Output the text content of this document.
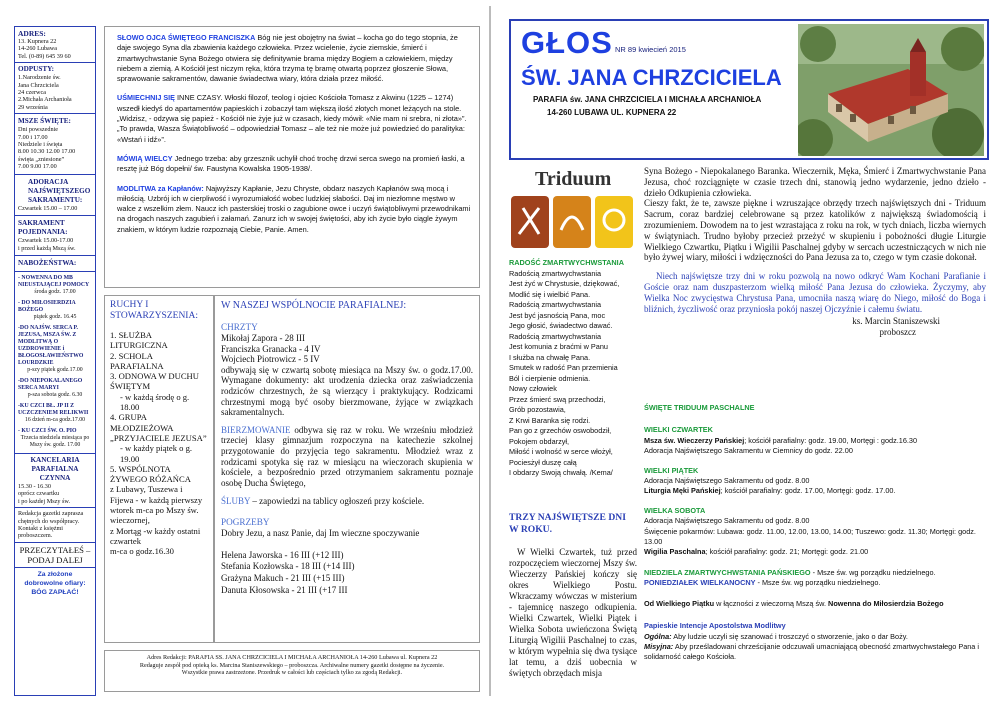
ADRES:
13. Kupnera 22
14-260 Lubawa
Tel. (0-89) 645 39 60
ODPUSTY:
1.Narodzenie św.
Jana Chrzciciela
24 czerwca
2.Michała Archanioła
29 września
MSZE ŚWIĘTE:
Dni powszednie
7.00 i 17.00
Niedziele i święta
8.00 10.30 12.00 17.00
święta „zniesione”
7.00 9.00 17.00
ADORACJA NAJŚWIĘTSZEGO SAKRAMENTU:
Czwartek 15.00 – 17.00
SAKRAMENT POJEDNANIA:
Czwartek 15.00-17.00
i przed każdą Mszą św.
NABOŻEŃSTWA:
- NOWENNA DO MB NIEUSTAJĄCEJ POMOCY
środa godz. 17.00
- DO MIŁOSIERDZIA BOŻEGO
piątek godz. 16.45
-DO NAJŚW. SERCA P. JEZUSA, MSZA ŚW. Z MODLITWĄ O UZDROWIENIE i BŁOGOSŁAWIEŃSTWO LOURDZKIE
p-szy piątek godz.17.00
-DO NIEPOKALANEGO SERCA MARYI
p-sza sobota godz. 6.30
-KU CZCI BŁ. JP II Z UCZCZENIEM RELIKWII
16 dzień m-ca godz.17.00
- KU CZCI ŚW. O. PIO
Trzecia niedziela miesiąca po Mszy św. godz. 17.00
KANCELARIA PARAFIALNA CZYNNA
15.30 - 16.30
oprócz czwartku
i po każdej Mszy św.
Redakcja gazetki zaprasza chętnych do współpracy. Kontakt z księżmi proboszczem.
PRZECZYTAŁEŚ – PODAJ DALEJ
Za złożone dobrowolne ofiary: BÓG ZAPŁAĆ!

SŁOWO OJCA ŚWIĘTEGO FRANCISZKA Bóg nie jest obojętny na świat – kocha go do tego stopnia, że daje swojego Syna dla zbawienia każdego człowieka. Przez wcielenie, życie ziemskie, śmierć i zmartwychwstanie Syna Bożego otwiera się definitywnie brama między Bogiem a człowiekiem, między niebem a ziemią. A Kościół jest niczym ręka, która trzyma tę bramę otwartą poprzez głoszenie Słowa, sprawowanie sakramentów, dawanie świadectwa wiary, która działa przez miłość.

UŚMIECHNIJ SIĘ INNE CZASY. Włoski filozof, teolog i ojciec Kościoła Tomasz z Akwinu (1225 – 1274) wszedł kiedyś do apartamentów papieskich i zobaczył tam większą ilość złotych monet leżących na stole. „Widzisz, - odzywa się papież - Kościół nie żyje już w czasach, kiedy mówił: «Nie mam ni srebra, ni złota»”. „To prawda, Wasza Świątobliwość – odpowiedział Tomasz – ale też nie może już powiedzieć do paralityka: «Wstań i idź»”.

MÓWIĄ WIELCY Jednego trzeba: aby grzesznik uchylił choć trochę drzwi serca swego na promień łaski, a resztę już Bóg dopełni/ św. Faustyna Kowalska 1905-1938/.

MODLITWA za Kapłanów: Najwyższy Kapłanie, Jezu Chryste, obdarz naszych Kapłanów swą mocą i miłością. Uzbrój ich w cierpliwość i wyrozumiałość wobec ludzkiej słabości. Daj im niezłomne męstwo w walce z wszelkim złem. Naucz ich pasterskiej troski o zagubione owce i uczyń świątobliwymi przewodnikami na drogach naszych zagubień i załamań. Zanurz ich w swojej świętości, aby ich życie było ciągle żywym znakiem, w którym ludzie rozpoznają Ciebie, Panie. Amen.

RUCHY I STOWARZYSZENIA:
1. SŁUŻBA LITURGICZNA
2. SCHOLA PARAFIALNA
3. ODNOWA W DUCHU ŚWIĘTYM
- w każdą środę o g. 18.00
4. GRUPA MŁODZIEŻOWA „PRZYJACIELE JEZUSA”
- w każdy piątek o g. 19.00
5. WSPÓLNOTA ŻYWEGO RÓŻAŃCA
z Lubawy, Tuszewa i Fijewa - w każdą pierwszy wtorek m-ca po Mszy św. wieczornej,
z Mortąg -w każdy ostatni czwartek
m-ca o godz.16.30
W NASZEJ WSPÓLNOCIE PARAFIALNEJ:
CHRZTY
Mikołaj Zapora - 28 III
Franciszka Granacka - 4 IV
Wojciech Piotrowicz - 5 IV
odbywają się w czwartą sobotę miesiąca na Mszy św. o godz.17.00. Wymagane dokumenty: akt urodzenia dziecka oraz zaświadczenia rodziców chrzestnych, że są wierzący i praktykujący. Rodzicami chrzestnymi mogą być osoby bierzmowane, żyjące w związkach sakramentalnych.
BIERZMOWANIE odbywa się raz w roku. We wrześniu młodzież trzeciej klasy gimnazjum rozpoczyna na katechezie szkolnej przygotowanie do przyjęcia tego sakramentu. Młodzież wraz z rodzicami spotyka się raz w miesiącu na wieczorach skupienia w kościele, a bezpośrednio przed otrzymaniem sakramentu poznaje osobę Ducha Świętego,
ŚLUBY – zapowiedzi na tablicy ogłoszeń przy kościele.
POGRZEBY
Dobry Jezu, a nasz Panie, daj Im wieczne spoczywanie
Helena Jaworska - 16 III (+12 III)
Stefania Kozłowska - 18 III (+14 III)
Grażyna Makuch - 21 III (+15 III)
Danuta Kłosowska - 21 III (+17 III
Adres Redakcji: PARAFIA SS. JANA CHRZCICIELA I MICHAŁA ARCHANIOŁA 14-260 Lubawa ul. Kupnera 22
Redaguje zespół pod opieką ks. Marcina Staniszewskiego – proboszcza. Archiwalne numery gazetki dostępne na życzenie.
Wszystkie prawa zastrzeżone. Przedruk w całości lub częściach tylko za zgodą Redakcji.
GŁOS NR 89 kwiecień 2015
ŚW. JANA CHRZCICIELA
PARAFIA św. JANA CHRZCICIELA I MICHAŁA ARCHANIOŁA
14-260 LUBAWA UL. KUPNERA 22
Triduum
RADOŚĆ ZMARTWYCHWSTANIA
Radością zmartwychwstania
Jest żyć w Chrystusie, dziękować,
Modlić się i wielbić Pana.
Radością zmartwychwstania
Jest być jasnością Pana, moc
Jego głosić, świadectwo dawać.
Radością zmartwychwstania
Jest komunia z braćmi w Panu
I służba na chwałę Pana.
Smutek w radość Pan przemienia
Ból i cierpienie odmienia.
Nowy człowiek
Przez śmierć swą przechodzi,
Grób pozostawia,
Z Krwi Baranka się rodzi.
Pan go z grzechów oswobodził,
Pokojem obdarzył,
Miłość i wolność w serce włożył,
Pociesżył duszę całą
I obdarzy Swoją chwałą. /Kema/
TRZY NAJŚWIĘTSZE DNI W ROKU.
W Wielki Czwartek, tuż przed rozpoczęciem wieczornej Mszy św. Wieczerzy Pańskiej kończy się okres Wielkiego Postu. Wkraczamy wówczas w misterium - tajemnicę naszego odkupienia. Wielki Czwartek, Wielki Piątek i Wielka Sobota uwieńczona Świętą Liturgią Wigilii Paschalnej to czas, w którym wypełnia się dwa tysiące lat temu, a dziś uobecnia w świętych obrzędach misja
Syna Bożego - Niepokalanego Baranka. Wieczernik, Męka, Śmierć i Zmartwychwstanie Pana Jezusa, choć rozciągnięte w czasie trzech dni, stanowią jedno wydarzenie, jedno dzieło - dzieło Odkupienia człowieka.
Cieszy fakt, że te, zawsze piękne i wzruszające obrzędy trzech najświętszych dni - Triduum Sacrum, coraz bardziej celebrowane są przez katolików z największą świadomością i zrozumieniem. Dowodem na to jest wzrastająca z roku na rok, w tych dniach, liczba wiernych w świątyniach. Trudno byłoby przecież przeżyć w skupieniu i pobożności długie Liturgie Wielkiego Czwartku, Piątku i Wigilii Paschalnej gdyby w sercach uczestniczących w nich nie było żywej wiary, miłości i wdzięczności do Pana Jezusa za to, czego w tym czasie dokonał.
Niech najświętsze trzy dni w roku pozwolą na nowo odkryć Wam Kochani Parafianie i Goście oraz nam duszpasterzom wielką miłość Pana Jezusa do człowieka. Życzymy, aby Wielka Noc zwycięstwa Chrystusa Pana, umocniła naszą wiarę do Niego, miłość do Boga i bliźnich, życzliwość oraz przyniosła pokój naszej Ojczyźnie i całemu światu.
ks. Marcin Staniszewski
proboszcz
ŚWIĘTE TRIDUUM PASCHALNE
WIELKI CZWARTEK
Msza św. Wieczerzy Pańskiej; kościół parafialny: godz. 19.00, Mortęgi : godz.16.30
Adoracja Najświętszego Sakramentu w Ciemnicy do godz. 22.00
WIELKI PIĄTEK
Adoracja Najświętszego Sakramentu od godz. 8.00
Liturgia Męki Pańskiej; kościół parafialny: godz. 17.00, Mortęgi: godz. 17.00.
WIELKA SOBOTA
Adoracja Najświętszego Sakramentu od godz. 8.00
Święcenie pokarmów: Lubawa: godz. 11.00, 12.00, 13.00, 14.00; Tuszewo: godz. 11.30; Mortęgi: godz. 13.00
Wigilia Paschalna; kościół parafialny: godz. 21; Mortęgi: godz. 21.00
NIEDZIELA ZMARTWYCHWSTANIA PAŃSKIEGO - Msze św. wg porządku niedzielnego.
PONIEDZIAŁEK WIELKANOCNY - Msze św. wg porządku niedzielnego.
Od Wielkiego Piątku w łączności z wieczorną Mszą św. Nowenna do Miłosierdzia Bożego
Papieskie Intencje Apostolstwa Modlitwy
Ogólna: Aby ludzie uczyli się szanować i troszczyć o stworzenie, jako o dar Boży.
Misyjna: Aby prześladowani chrześcijanie odczuwali umacniającą obecność zmartwychwstałego Pana i solidarność całego Kościoła.
